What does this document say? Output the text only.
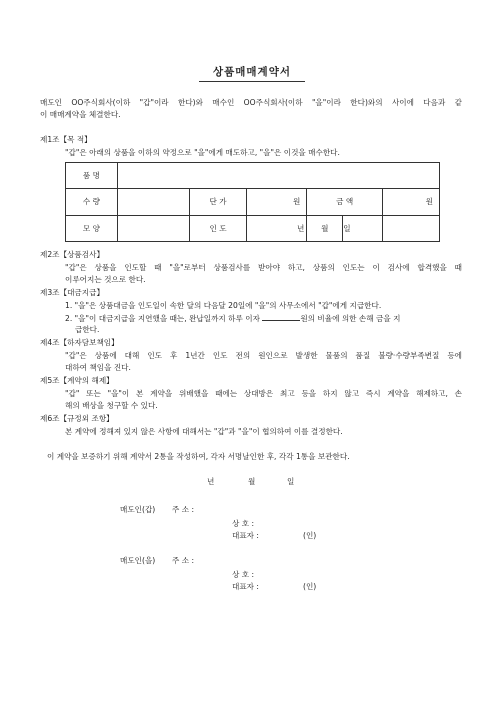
상품매매계약서
매도인 OO주식회사(이하 "갑"이라 한다)와 매수인 OO주식회사(이하 "을"이라 한다)와의 사이에 다음과 같
이 매매계약을 체결한다.
제1조【목 적】
"갑"은 아래의 상품을 이하의 약정으로 "을"에게 매도하고, "을"은 이것을 매수한다.
품 명						
수 량		단 가	원	금 액		원
모 양		인 도	년	월	일	
제2조【상품검사】
"갑"은 상품을 인도할 때 "을"로부터 상품검사를 받아야 하고, 상품의 인도는 이 검사에 합격했을 때
이루어지는 것으로 한다.
제3조【대금지급】
1. "을"은 상품대금을 인도일이 속한 달의 다음달 20일에 "을"의 사무소에서 "갑"에게 지급한다.
2. "을"이 대금지급을 지연했을 때는, 완납일까지 하루 이자	원의 비율에 의한 손해 금을 지
급한다.
제4조【하자담보책임】
"갑"은 상품에 대해 인도 후 1년간 인도 전의 원인으로 발생한 물품의 품질 불량·수량부족변질 등에
대하여 책임을 진다.
제5조【계약의 해제】
"갑" 또는 "을"이 본 계약을 위배했을 때에는 상대방은 최고 등을 하지 않고 즉시 계약을 해제하고, 손
해의 배상을 청구할 수 있다.
제6조【규정외 조항】
본 계약에 정해져 있지 않은 사항에 대해서는 "갑"과 "을"이 협의하여 이를 결정한다.
이 계약을 보증하기 위해 계약서 2통을 작성하여, 각자 서명날인한 후, 각각 1통을 보관한다.
년	월	일
매도인(갑) 주 소 :
상 호 :
대표자 :	(인)
매도인(을) 주 소 :
상 호 :
대표자 :	(인)
